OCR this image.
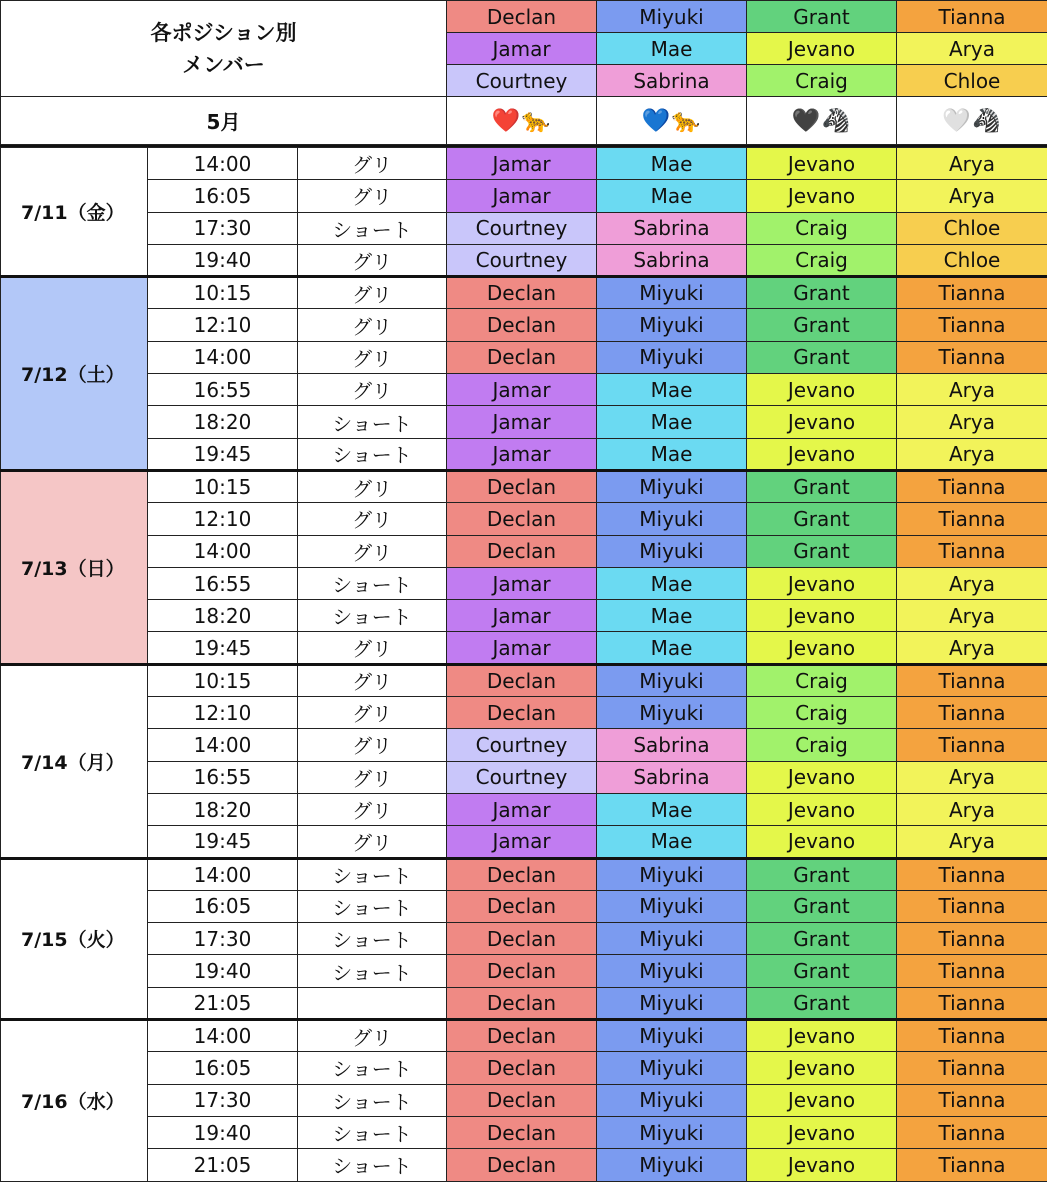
各ポジション別
メンバー	Declan	Miyuki	Grant	Tianna
	Jamar	Mae	Jevano	Arya
	Courtney	Sabrina	Craig	Chloe
5月	❤️🐆	💙🐆	🖤🦓	🤍🦓
7/11（金）	14:00	グリ	Jamar	Mae	Jevano	Arya
	16:05	グリ	Jamar	Mae	Jevano	Arya
	17:30	ショート	Courtney	Sabrina	Craig	Chloe
	19:40	グリ	Courtney	Sabrina	Craig	Chloe
7/12（土）	10:15	グリ	Declan	Miyuki	Grant	Tianna
	12:10	グリ	Declan	Miyuki	Grant	Tianna
	14:00	グリ	Declan	Miyuki	Grant	Tianna
	16:55	グリ	Jamar	Mae	Jevano	Arya
	18:20	ショート	Jamar	Mae	Jevano	Arya
	19:45	ショート	Jamar	Mae	Jevano	Arya
7/13（日）	10:15	グリ	Declan	Miyuki	Grant	Tianna
	12:10	グリ	Declan	Miyuki	Grant	Tianna
	14:00	グリ	Declan	Miyuki	Grant	Tianna
	16:55	ショート	Jamar	Mae	Jevano	Arya
	18:20	ショート	Jamar	Mae	Jevano	Arya
	19:45	グリ	Jamar	Mae	Jevano	Arya
7/14（月）	10:15	グリ	Declan	Miyuki	Craig	Tianna
	12:10	グリ	Declan	Miyuki	Craig	Tianna
	14:00	グリ	Courtney	Sabrina	Craig	Tianna
	16:55	グリ	Courtney	Sabrina	Jevano	Arya
	18:20	グリ	Jamar	Mae	Jevano	Arya
	19:45	グリ	Jamar	Mae	Jevano	Arya
7/15（火）	14:00	ショート	Declan	Miyuki	Grant	Tianna
	16:05	ショート	Declan	Miyuki	Grant	Tianna
	17:30	ショート	Declan	Miyuki	Grant	Tianna
	19:40	ショート	Declan	Miyuki	Grant	Tianna
	21:05		Declan	Miyuki	Grant	Tianna
7/16（水）	14:00	グリ	Declan	Miyuki	Jevano	Tianna
	16:05	ショート	Declan	Miyuki	Jevano	Tianna
	17:30	ショート	Declan	Miyuki	Jevano	Tianna
	19:40	ショート	Declan	Miyuki	Jevano	Tianna
	21:05	ショート	Declan	Miyuki	Jevano	Tianna
